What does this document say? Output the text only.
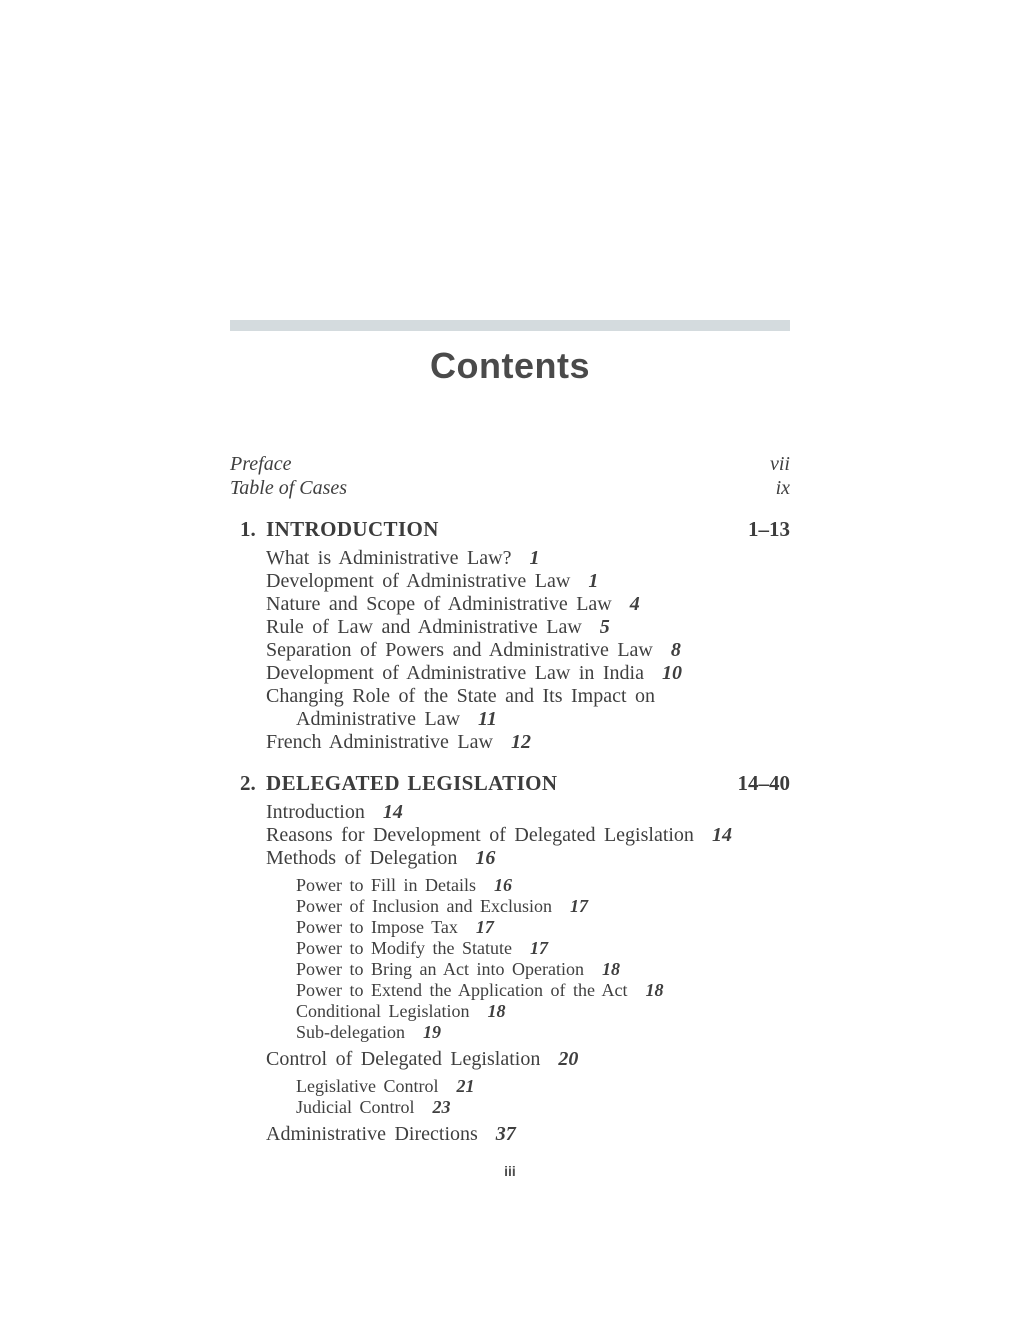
Contents
Preface	vii
Table of Cases	ix
1. INTRODUCTION	1–13
What is Administrative Law? 1
Development of Administrative Law 1
Nature and Scope of Administrative Law 4
Rule of Law and Administrative Law 5
Separation of Powers and Administrative Law 8
Development of Administrative Law in India 10
Changing Role of the State and Its Impact on
Administrative Law 11
French Administrative Law 12
2. DELEGATED LEGISLATION	14–40
Introduction 14
Reasons for Development of Delegated Legislation 14
Methods of Delegation 16
Power to Fill in Details 16
Power of Inclusion and Exclusion 17
Power to Impose Tax 17
Power to Modify the Statute 17
Power to Bring an Act into Operation 18
Power to Extend the Application of the Act 18
Conditional Legislation 18
Sub-delegation 19
Control of Delegated Legislation 20
Legislative Control 21
Judicial Control 23
Administrative Directions 37
iii
